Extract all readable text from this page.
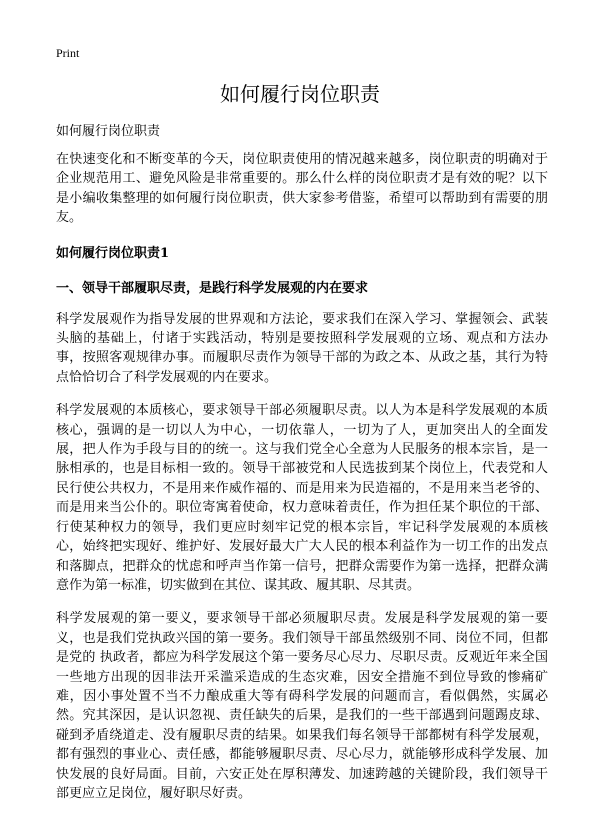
Print
如何履行岗位职责

如何履行岗位职责

在快速变化和不断变革的今天，岗位职责使用的情况越来越多，岗位职责的明确对于企业规范用工、避免风险是非常重要的。那么什么样的岗位职责才是有效的呢？以下是小编收集整理的如何履行岗位职责，供大家参考借鉴，希望可以帮助到有需要的朋友。

如何履行岗位职责1
一、领导干部履职尽责，是践行科学发展观的内在要求

科学发展观作为指导发展的世界观和方法论，要求我们在深入学习、掌握领会、武装头脑的基础上，付诸于实践活动，特别是要按照科学发展观的立场、观点和方法办事，按照客观规律办事。而履职尽责作为领导干部的为政之本、从政之基，其行为特点恰恰切合了科学发展观的内在要求。

科学发展观的本质核心，要求领导干部必须履职尽责。以人为本是科学发展观的本质核心，强调的是一切以人为中心，一切依靠人，一切为了人，更加突出人的全面发展，把人作为手段与目的的统一。这与我们党全心全意为人民服务的根本宗旨，是一脉相承的，也是目标相一致的。领导干部被党和人民选拔到某个岗位上，代表党和人民行使公共权力，不是用来作威作福的、而是用来为民造福的，不是用来当老爷的、而是用来当公仆的。职位寄寓着使命，权力意味着责任，作为担任某个职位的干部、行使某种权力的领导，我们更应时刻牢记党的根本宗旨，牢记科学发展观的本质核心，始终把实现好、维护好、发展好最大广大人民的根本利益作为一切工作的出发点和落脚点，把群众的忧虑和呼声当作第一信号，把群众需要作为第一选择，把群众满意作为第一标准，切实做到在其位、谋其政、履其职、尽其责。

科学发展观的第一要义，要求领导干部必须履职尽责。发展是科学发展观的第一要义，也是我们党执政兴国的第一要务。我们领导干部虽然级别不同、岗位不同，但都是党的 执政者，都应为科学发展这个第一要务尽心尽力、尽职尽责。反观近年来全国一些地方出现的因非法开采滥采造成的生态灾难，因安全措施不到位导致的惨痛矿难，因小事处置不当不力酿成重大等有碍科学发展的问题而言，看似偶然，实属必然。究其深因，是认识忽视、责任缺失的后果，是我们的一些干部遇到问题踢皮球、碰到矛盾绕道走、没有履职尽责的结果。如果我们每名领导干部都树有科学发展观，都有强烈的事业心、责任感，都能够履职尽责、尽心尽力，就能够形成科学发展、加快发展的良好局面。目前，六安正处在厚积薄发、加速跨越的关键阶段，我们领导干部更应立足岗位，履好职尽好责。
